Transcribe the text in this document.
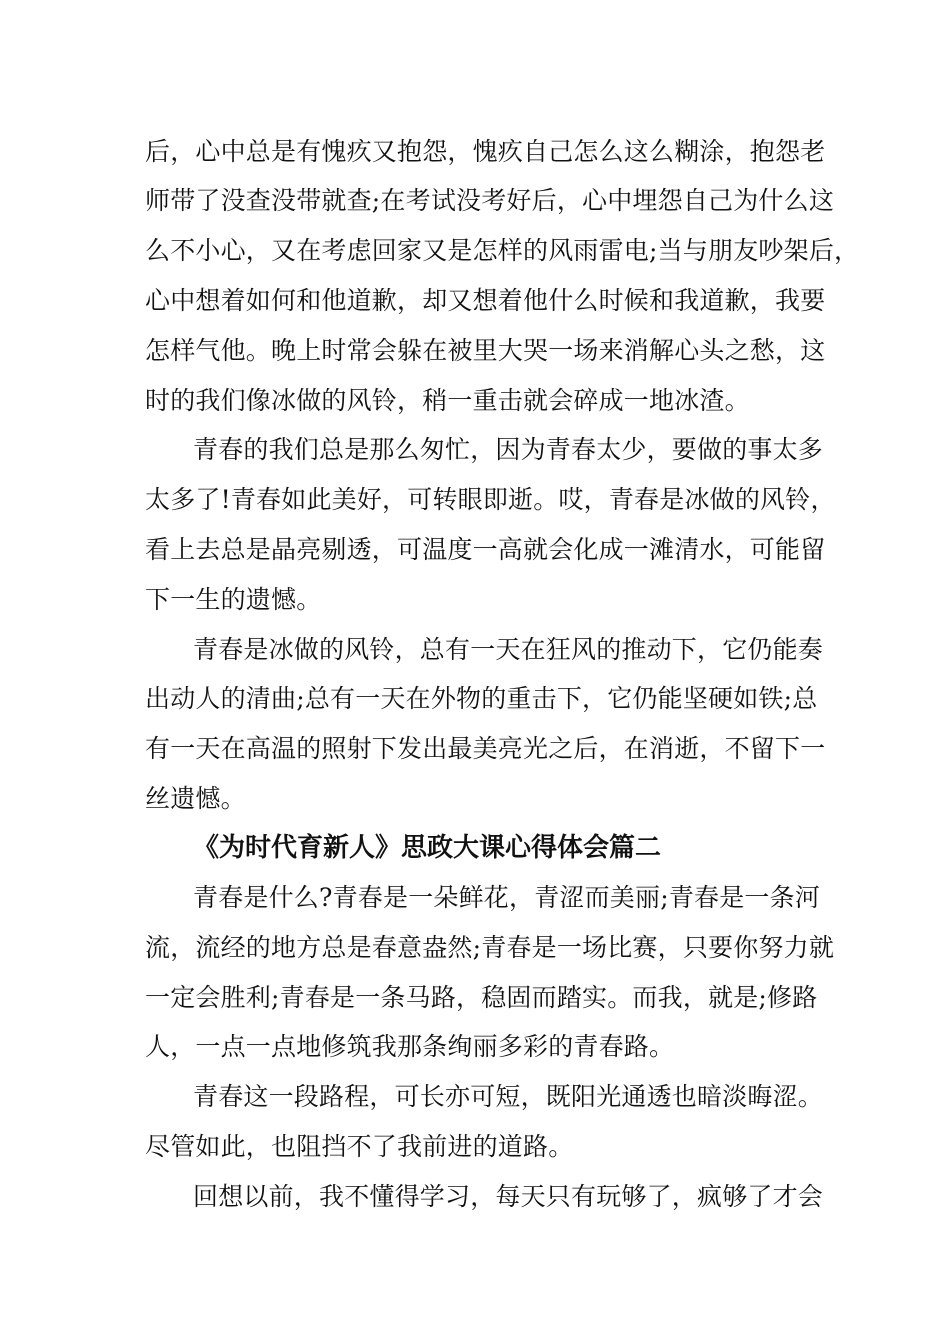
后，心中总是有愧疚又抱怨，愧疚自己怎么这么糊涂，抱怨老
师带了没查没带就查;在考试没考好后，心中埋怨自己为什么这
么不小心，又在考虑回家又是怎样的风雨雷电;当与朋友吵架后，
心中想着如何和他道歉，却又想着他什么时候和我道歉，我要
怎样气他。晚上时常会躲在被里大哭一场来消解心头之愁，这
时的我们像冰做的风铃，稍一重击就会碎成一地冰渣。
青春的我们总是那么匆忙，因为青春太少，要做的事太多
太多了!青春如此美好，可转眼即逝。哎，青春是冰做的风铃，
看上去总是晶亮剔透，可温度一高就会化成一滩清水，可能留
下一生的遗憾。
青春是冰做的风铃，总有一天在狂风的推动下，它仍能奏
出动人的清曲;总有一天在外物的重击下，它仍能坚硬如铁;总
有一天在高温的照射下发出最美亮光之后，在消逝，不留下一
丝遗憾。
《为时代育新人》思政大课心得体会篇二
青春是什么?青春是一朵鲜花，青涩而美丽;青春是一条河
流，流经的地方总是春意盎然;青春是一场比赛，只要你努力就
一定会胜利;青春是一条马路，稳固而踏实。而我，就是;修路
人，一点一点地修筑我那条绚丽多彩的青春路。
青春这一段路程，可长亦可短，既阳光通透也暗淡晦涩。
尽管如此，也阻挡不了我前进的道路。
回想以前，我不懂得学习，每天只有玩够了，疯够了才会
